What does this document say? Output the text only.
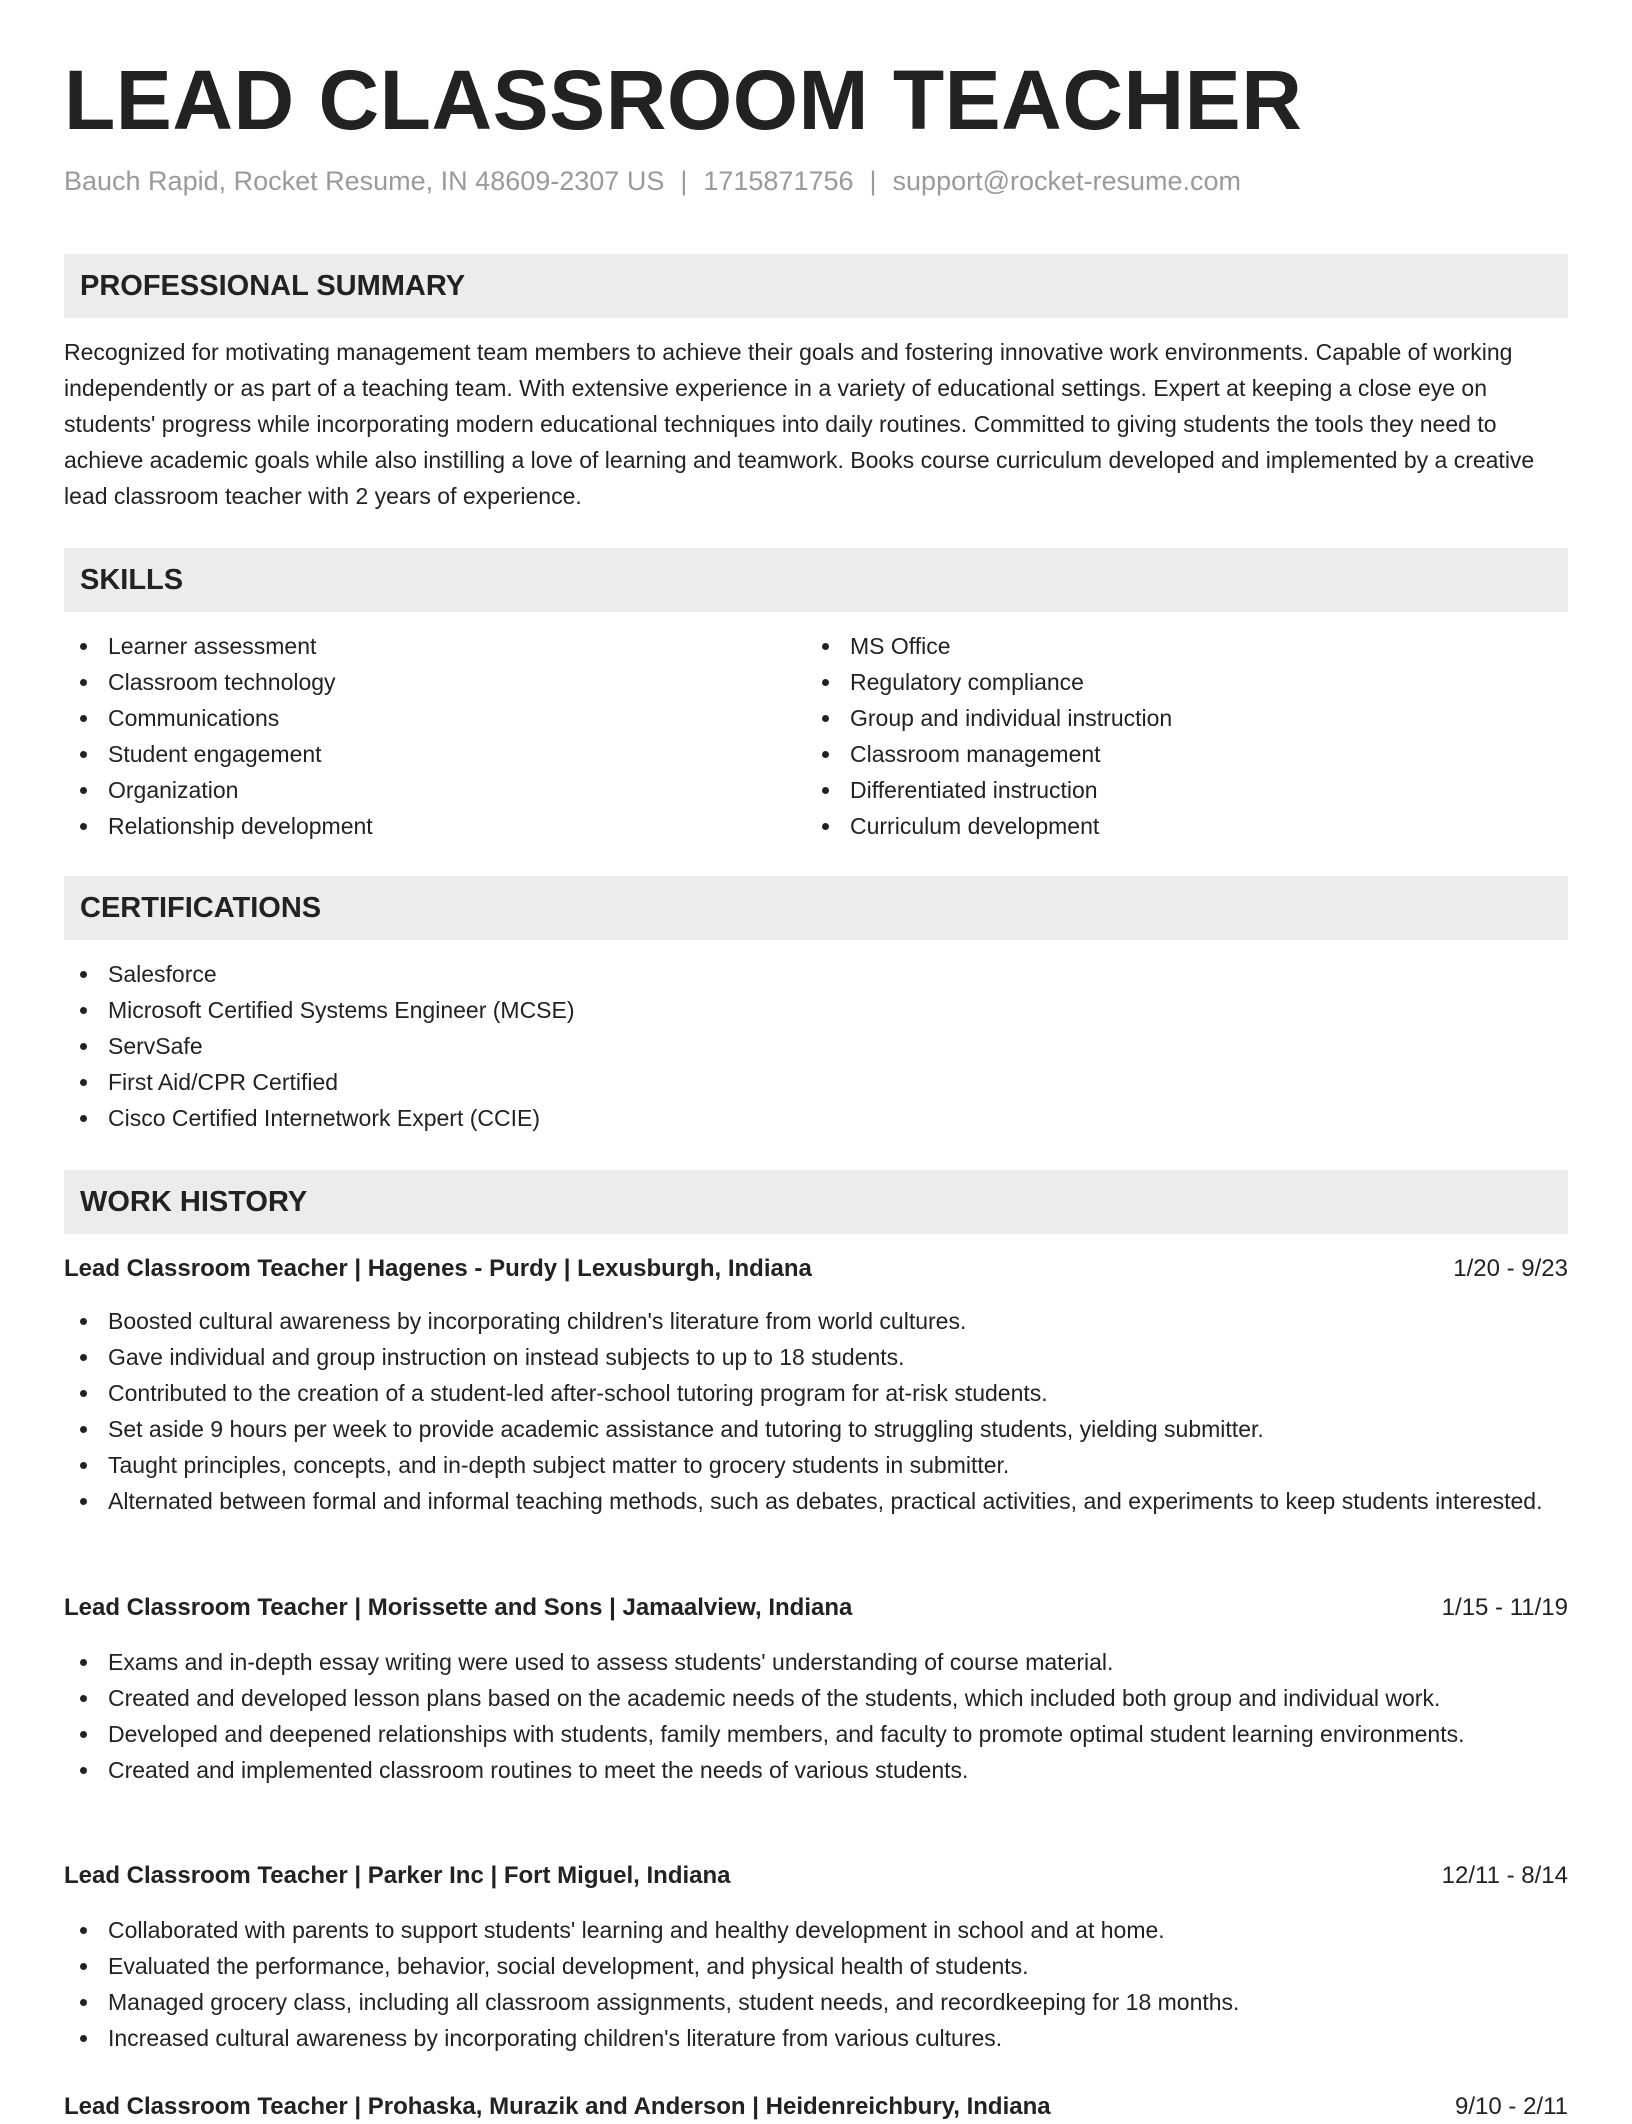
LEAD CLASSROOM TEACHER
Bauch Rapid, Rocket Resume, IN 48609-2307 US | 1715871756 | support@rocket-resume.com
PROFESSIONAL SUMMARY

Recognized for motivating management team members to achieve their goals and fostering innovative work environments. Capable of working independently or as part of a teaching team. With extensive experience in a variety of educational settings. Expert at keeping a close eye on students' progress while incorporating modern educational techniques into daily routines. Committed to giving students the tools they need to achieve academic goals while also instilling a love of learning and teamwork. Books course curriculum developed and implemented by a creative lead classroom teacher with 2 years of experience.

SKILLS
Learner assessment
Classroom technology
Communications
Student engagement
Organization
Relationship development
MS Office
Regulatory compliance
Group and individual instruction
Classroom management
Differentiated instruction
Curriculum development
CERTIFICATIONS
Salesforce
Microsoft Certified Systems Engineer (MCSE)
ServSafe
First Aid/CPR Certified
Cisco Certified Internetwork Expert (CCIE)
WORK HISTORY
Lead Classroom Teacher | Hagenes - Purdy | Lexusburgh, Indiana	1/20 - 9/23
Boosted cultural awareness by incorporating children's literature from world cultures.
Gave individual and group instruction on instead subjects to up to 18 students.
Contributed to the creation of a student-led after-school tutoring program for at-risk students.
Set aside 9 hours per week to provide academic assistance and tutoring to struggling students, yielding submitter.
Taught principles, concepts, and in-depth subject matter to grocery students in submitter.
Alternated between formal and informal teaching methods, such as debates, practical activities, and experiments to keep students interested.
Lead Classroom Teacher | Morissette and Sons | Jamaalview, Indiana	1/15 - 11/19
Exams and in-depth essay writing were used to assess students' understanding of course material.
Created and developed lesson plans based on the academic needs of the students, which included both group and individual work.
Developed and deepened relationships with students, family members, and faculty to promote optimal student learning environments.
Created and implemented classroom routines to meet the needs of various students.
Lead Classroom Teacher | Parker Inc | Fort Miguel, Indiana	12/11 - 8/14
Collaborated with parents to support students' learning and healthy development in school and at home.
Evaluated the performance, behavior, social development, and physical health of students.
Managed grocery class, including all classroom assignments, student needs, and recordkeeping for 18 months.
Increased cultural awareness by incorporating children's literature from various cultures.
Lead Classroom Teacher | Prohaska, Murazik and Anderson | Heidenreichbury, Indiana	9/10 - 2/11
